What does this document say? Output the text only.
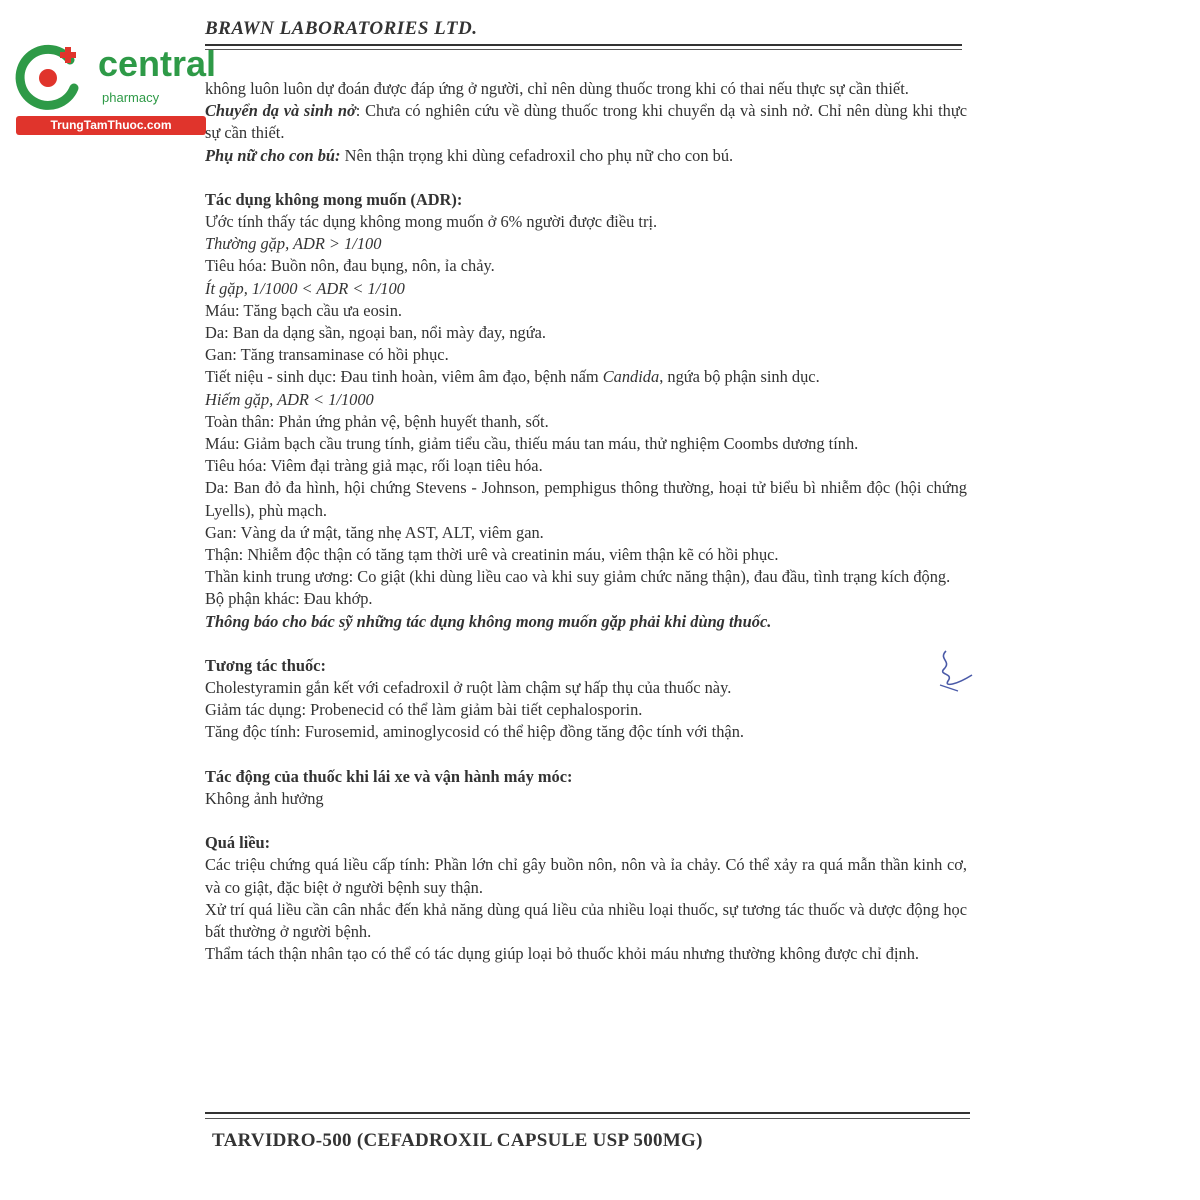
central
pharmacy
TrungTamThuoc.com
BRAWN LABORATORIES LTD.

không luôn luôn dự đoán được đáp ứng ở người, chỉ nên dùng thuốc trong khi có thai nếu thực sự cần thiết.

Chuyển dạ và sinh nở: Chưa có nghiên cứu về dùng thuốc trong khi chuyển dạ và sinh nở. Chỉ nên dùng khi thực sự cần thiết.

Phụ nữ cho con bú: Nên thận trọng khi dùng cefadroxil cho phụ nữ cho con bú.

Tác dụng không mong muốn (ADR):

Ước tính thấy tác dụng không mong muốn ở 6% người được điều trị.

Thường gặp, ADR > 1/100

Tiêu hóa: Buồn nôn, đau bụng, nôn, ỉa chảy.

Ít gặp, 1/1000 < ADR < 1/100

Máu: Tăng bạch cầu ưa eosin.

Da: Ban da dạng sần, ngoại ban, nổi mày đay, ngứa.

Gan: Tăng transaminase có hồi phục.

Tiết niệu - sinh dục: Đau tinh hoàn, viêm âm đạo, bệnh nấm Candida, ngứa bộ phận sinh dục.

Hiếm gặp, ADR < 1/1000

Toàn thân: Phản ứng phản vệ, bệnh huyết thanh, sốt.

Máu: Giảm bạch cầu trung tính, giảm tiểu cầu, thiếu máu tan máu, thử nghiệm Coombs dương tính.

Tiêu hóa: Viêm đại tràng giả mạc, rối loạn tiêu hóa.

Da: Ban đỏ đa hình, hội chứng Stevens - Johnson, pemphigus thông thường, hoại tử biểu bì nhiễm độc (hội chứng Lyells), phù mạch.

Gan: Vàng da ứ mật, tăng nhẹ AST, ALT, viêm gan.

Thận: Nhiễm độc thận có tăng tạm thời urê và creatinin máu, viêm thận kẽ có hồi phục.

Thần kinh trung ương: Co giật (khi dùng liều cao và khi suy giảm chức năng thận), đau đầu, tình trạng kích động.

Bộ phận khác: Đau khớp.

Thông báo cho bác sỹ những tác dụng không mong muốn gặp phải khi dùng thuốc.

Tương tác thuốc:

Cholestyramin gắn kết với cefadroxil ở ruột làm chậm sự hấp thụ của thuốc này.

Giảm tác dụng: Probenecid có thể làm giảm bài tiết cephalosporin.

Tăng độc tính: Furosemid, aminoglycosid có thể hiệp đồng tăng độc tính với thận.

Tác động của thuốc khi lái xe và vận hành máy móc:

Không ảnh hưởng

Quá liều:

Các triệu chứng quá liều cấp tính: Phần lớn chỉ gây buồn nôn, nôn và ỉa chảy. Có thể xảy ra quá mẫn thần kinh cơ, và co giật, đặc biệt ở người bệnh suy thận.

Xử trí quá liều cần cân nhắc đến khả năng dùng quá liều của nhiều loại thuốc, sự tương tác thuốc và dược động học bất thường ở người bệnh.

Thẩm tách thận nhân tạo có thể có tác dụng giúp loại bỏ thuốc khỏi máu nhưng thường không được chỉ định.

TARVIDRO-500 (CEFADROXIL CAPSULE USP 500MG)
